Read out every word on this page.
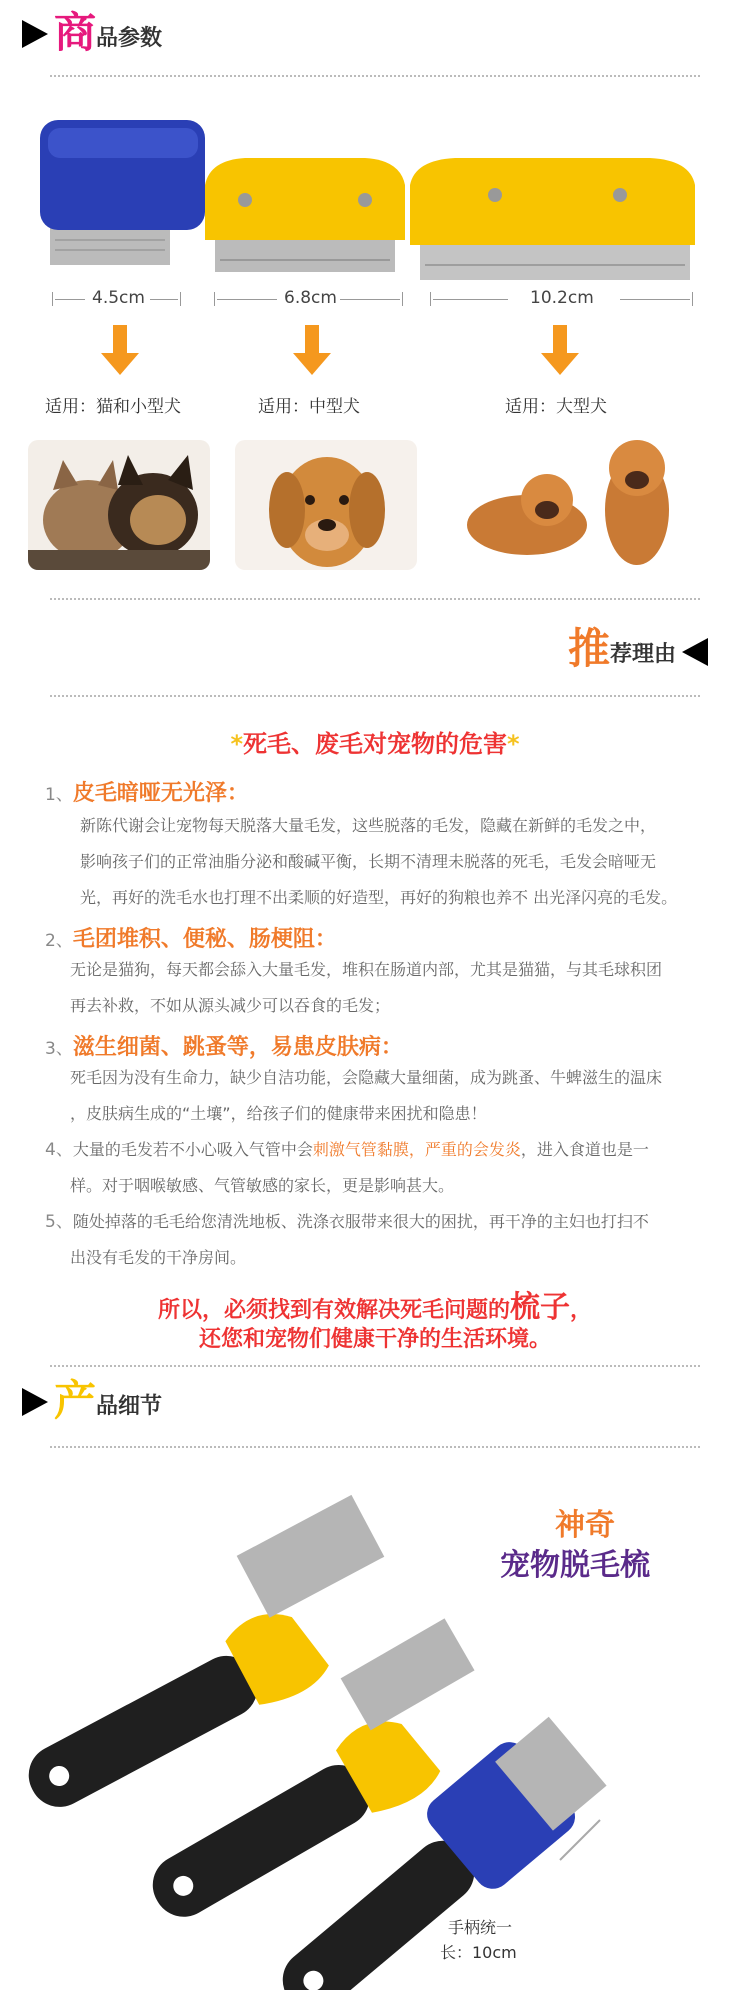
商 品参数
4.5cm	6.8cm	10.2cm
适用：猫和小型犬	适用：中型犬	适用：大型犬
推 荐理由
*死毛、废毛对宠物的危害*
1、皮毛暗哑无光泽：
新陈代谢会让宠物每天脱落大量毛发，这些脱落的毛发，隐藏在新鲜的毛发之中，
影响孩子们的正常油脂分泌和酸碱平衡，长期不清理未脱落的死毛，毛发会暗哑无
光，再好的洗毛水也打理不出柔顺的好造型，再好的狗粮也养不 出光泽闪亮的毛发。
2、毛团堆积、便秘、肠梗阻：
无论是猫狗，每天都会舔入大量毛发，堆积在肠道内部，尤其是猫猫，与其毛球积团
再去补救，不如从源头减少可以吞食的毛发；
3、滋生细菌、跳蚤等，易患皮肤病：
死毛因为没有生命力，缺少自洁功能，会隐藏大量细菌，成为跳蚤、牛蜱滋生的温床
，皮肤病生成的“土壤”，给孩子们的健康带来困扰和隐患！
4、大量的毛发若不小心吸入气管中会刺激气管黏膜，严重的会发炎，进入食道也是一
样。对于咽喉敏感、气管敏感的家长，更是影响甚大。
5、随处掉落的毛毛给您清洗地板、洗涤衣服带来很大的困扰，再干净的主妇也打扫不
出没有毛发的干净房间。
所以，必须找到有效解决死毛问题的梳子，
还您和宠物们健康干净的生活环境。
产 品细节
神奇
宠物脱毛梳
手柄统一
长：10cm
